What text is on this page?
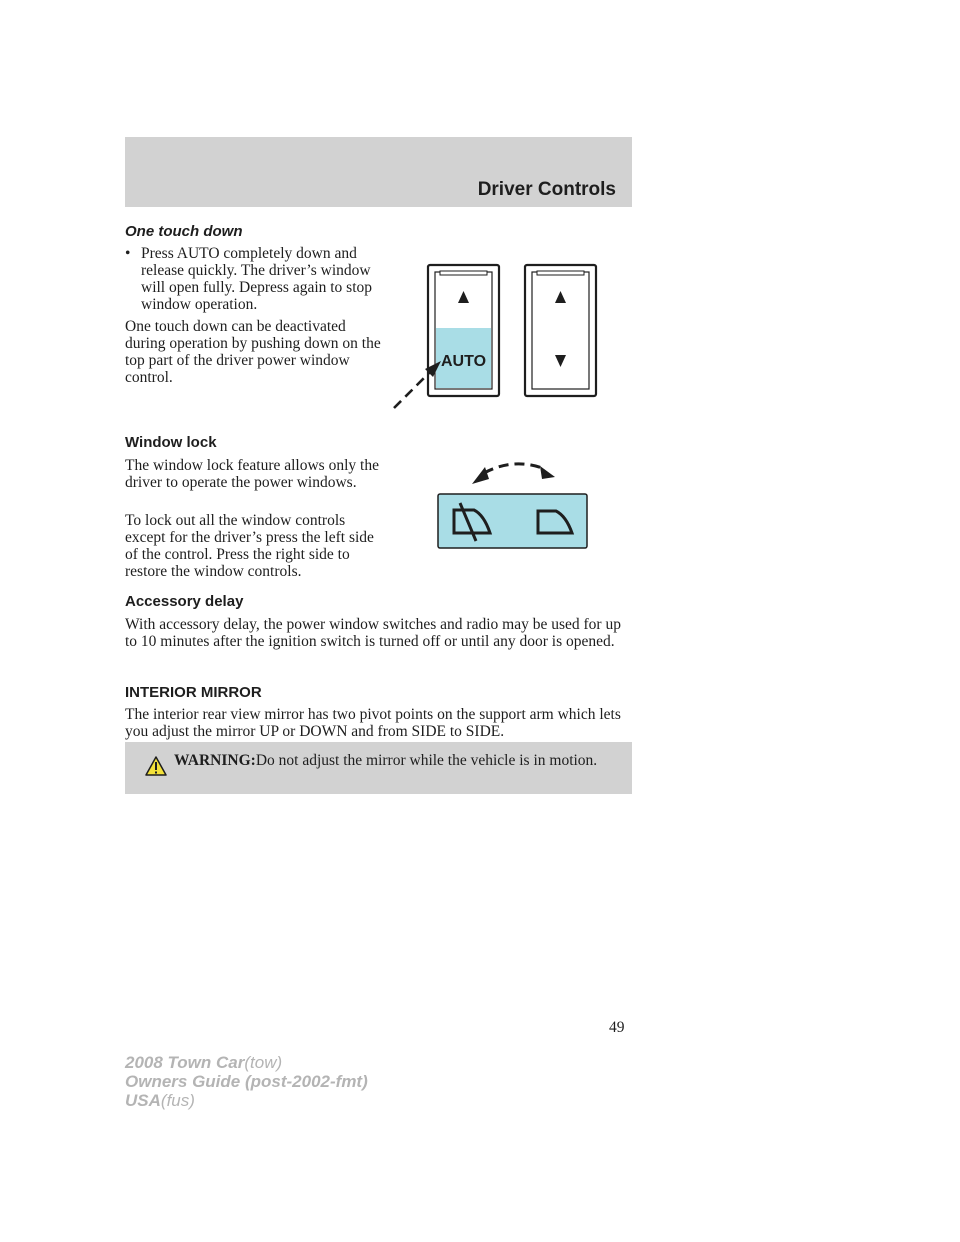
Driver Controls
One touch down
• Press AUTO completely down and release quickly. The driver’s window will open fully. Depress again to stop window operation.

One touch down can be deactivated during operation by pushing down on the top part of the driver power window control.

AUTO
Window lock

The window lock feature allows only the driver to operate the power windows.

To lock out all the window controls except for the driver’s press the left side of the control. Press the right side to restore the window controls.

Accessory delay

With accessory delay, the power window switches and radio may be used for up to 10 minutes after the ignition switch is turned off or until any door is opened.

INTERIOR MIRROR

The interior rear view mirror has two pivot points on the support arm which lets you adjust the mirror UP or DOWN and from SIDE to SIDE.

WARNING:Do not adjust the mirror while the vehicle is in motion.
49
2008 Town Car(tow)
Owners Guide (post-2002-fmt)
USA(fus)
